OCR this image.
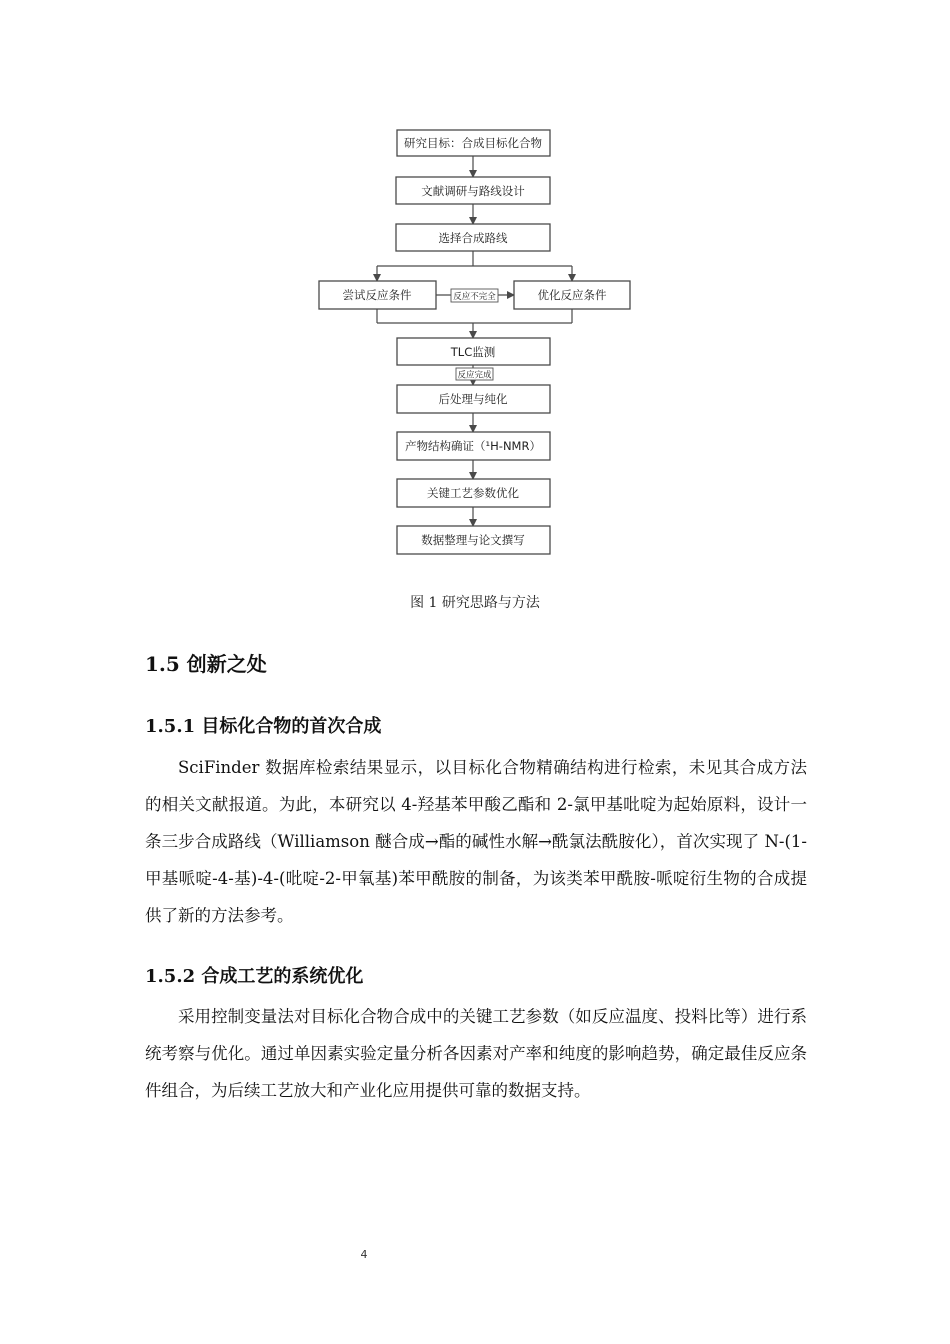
研究目标：合成目标化合物
文献调研与路线设计
选择合成路线
尝试反应条件	优化反应条件
反应不完全
TLC监测
反应完成
后处理与纯化
产物结构确证（¹H-NMR）
关键工艺参数优化
数据整理与论文撰写
图 1 研究思路与方法
1.5 创新之处
1.5.1 目标化合物的首次合成

SciFinder 数据库检索结果显示，以目标化合物精确结构进行检索，未见其合成方法的相关文献报道。为此，本研究以 4-羟基苯甲酸乙酯和 2-氯甲基吡啶为起始原料，设计一条三步合成路线（Williamson 醚合成→酯的碱性水解→酰氯法酰胺化），首次实现了 N-(1-甲基哌啶-4-基)-4-(吡啶-2-甲氧基)苯甲酰胺的制备，为该类苯甲酰胺-哌啶衍生物的合成提供了新的方法参考。

1.5.2 合成工艺的系统优化

采用控制变量法对目标化合物合成中的关键工艺参数（如反应温度、投料比等）进行系统考察与优化。通过单因素实验定量分析各因素对产率和纯度的影响趋势，确定最佳反应条件组合，为后续工艺放大和产业化应用提供可靠的数据支持。

4
